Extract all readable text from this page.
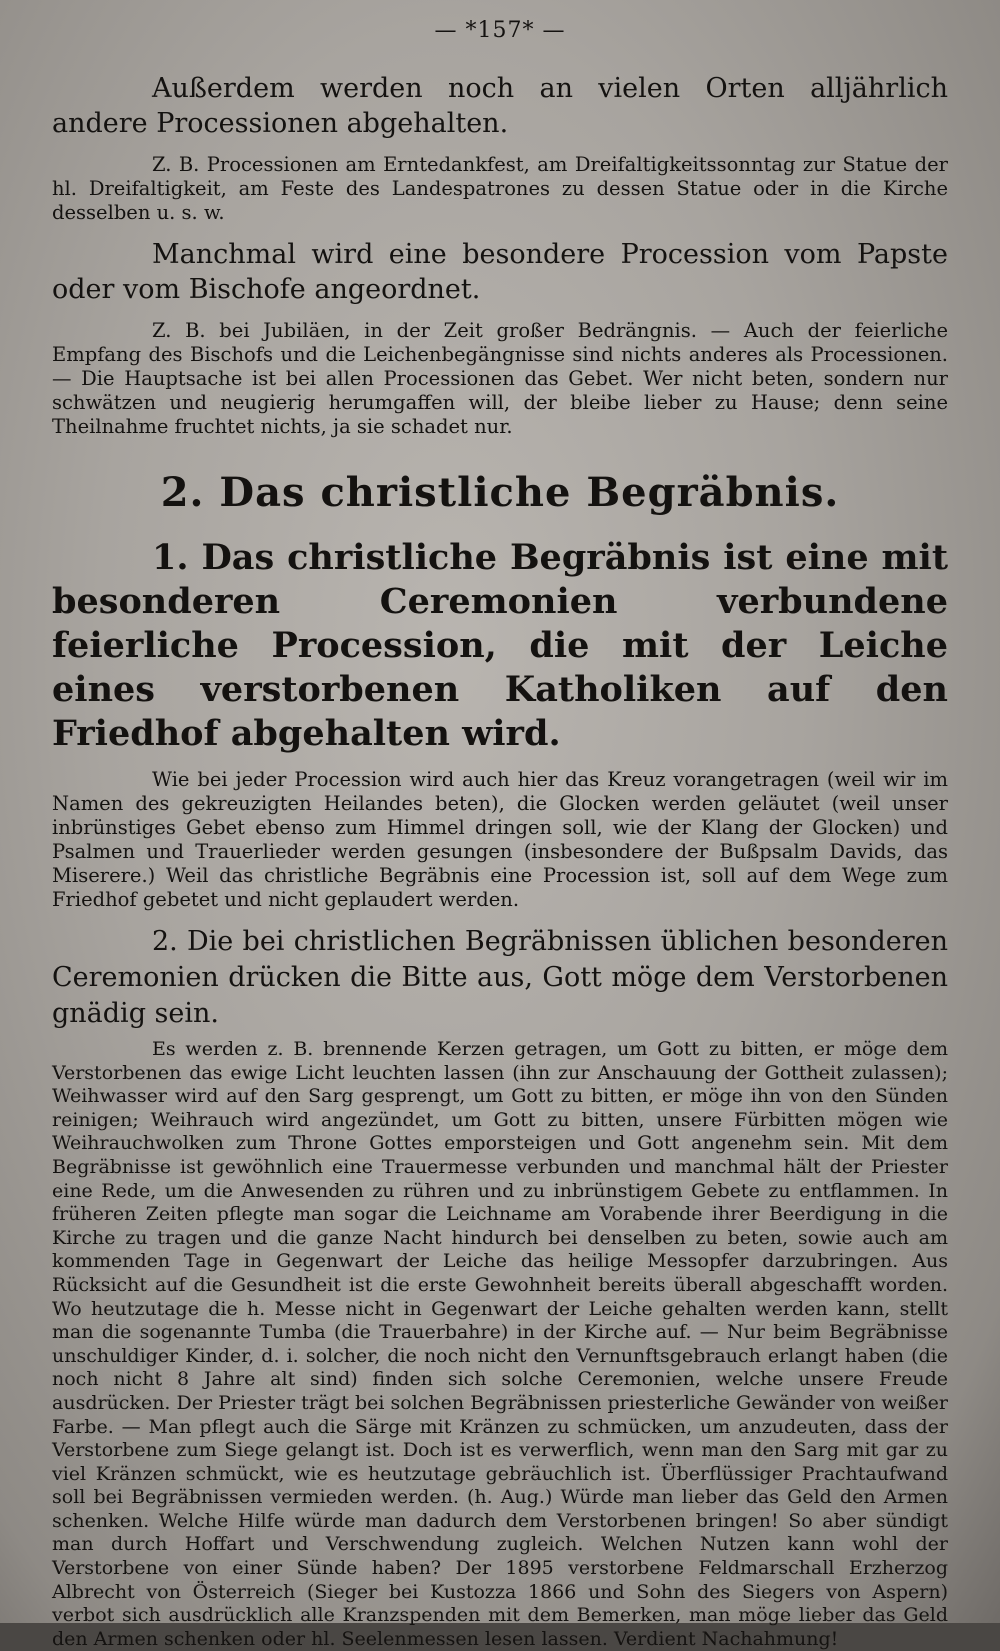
— *157* —

Außerdem werden noch an vielen Orten alljährlich andere Processionen abgehalten.

Z. B. Processionen am Erntedankfest, am Dreifaltigkeitssonntag zur Statue der hl. Dreifaltigkeit, am Feste des Landespatrones zu dessen Statue oder in die Kirche desselben u. s. w.

Manchmal wird eine besondere Procession vom Papste oder vom Bischofe angeordnet.

Z. B. bei Jubiläen, in der Zeit großer Bedrängnis. — Auch der feierliche Empfang des Bischofs und die Leichenbegängnisse sind nichts anderes als Processionen. — Die Hauptsache ist bei allen Processionen das Gebet. Wer nicht beten, sondern nur schwätzen und neugierig herumgaffen will, der bleibe lieber zu Hause; denn seine Theilnahme fruchtet nichts, ja sie schadet nur.

2. Das christliche Begräbnis.

1. Das christliche Begräbnis ist eine mit besonderen Ceremonien verbundene feierliche Procession, die mit der Leiche eines verstorbenen Katholiken auf den Friedhof abgehalten wird.

Wie bei jeder Procession wird auch hier das Kreuz vorangetragen (weil wir im Namen des gekreuzigten Heilandes beten), die Glocken werden geläutet (weil unser inbrünstiges Gebet ebenso zum Himmel dringen soll, wie der Klang der Glocken) und Psalmen und Trauerlieder werden gesungen (insbesondere der Bußpsalm Davids, das Miserere.) Weil das christliche Begräbnis eine Procession ist, soll auf dem Wege zum Friedhof gebetet und nicht geplaudert werden.

2. Die bei christlichen Begräbnissen üblichen besonderen Ceremonien drücken die Bitte aus, Gott möge dem Verstorbenen gnädig sein.

Es werden z. B. brennende Kerzen getragen, um Gott zu bitten, er möge dem Verstorbenen das ewige Licht leuchten lassen (ihn zur Anschauung der Gottheit zulassen); Weihwasser wird auf den Sarg gesprengt, um Gott zu bitten, er möge ihn von den Sünden reinigen; Weihrauch wird angezündet, um Gott zu bitten, unsere Fürbitten mögen wie Weihrauchwolken zum Throne Gottes emporsteigen und Gott angenehm sein. Mit dem Begräbnisse ist gewöhnlich eine Trauermesse verbunden und manchmal hält der Priester eine Rede, um die Anwesenden zu rühren und zu inbrünstigem Gebete zu entflammen. In früheren Zeiten pflegte man sogar die Leichname am Vorabende ihrer Beerdigung in die Kirche zu tragen und die ganze Nacht hindurch bei denselben zu beten, sowie auch am kommenden Tage in Gegenwart der Leiche das heilige Messopfer darzubringen. Aus Rücksicht auf die Gesundheit ist die erste Gewohnheit bereits überall abgeschafft worden. Wo heutzutage die h. Messe nicht in Gegenwart der Leiche gehalten werden kann, stellt man die sogenannte Tumba (die Trauerbahre) in der Kirche auf. — Nur beim Begräbnisse unschuldiger Kinder, d. i. solcher, die noch nicht den Vernunftsgebrauch erlangt haben (die noch nicht 8 Jahre alt sind) finden sich solche Ceremonien, welche unsere Freude ausdrücken. Der Priester trägt bei solchen Begräbnissen priesterliche Gewänder von weißer Farbe. — Man pflegt auch die Särge mit Kränzen zu schmücken, um anzudeuten, dass der Verstorbene zum Siege gelangt ist. Doch ist es verwerflich, wenn man den Sarg mit gar zu viel Kränzen schmückt, wie es heutzutage gebräuchlich ist. Überflüssiger Prachtaufwand soll bei Begräbnissen vermieden werden. (h. Aug.) Würde man lieber das Geld den Armen schenken. Welche Hilfe würde man dadurch dem Verstorbenen bringen! So aber sündigt man durch Hoffart und Verschwendung zugleich. Welchen Nutzen kann wohl der Verstorbene von einer Sünde haben? Der 1895 verstorbene Feldmarschall Erzherzog Albrecht von Österreich (Sieger bei Kustozza 1866 und Sohn des Siegers von Aspern) verbot sich ausdrücklich alle Kranzspenden mit dem Bemerken, man möge lieber das Geld den Armen schenken oder hl. Seelenmessen lesen lassen. Verdient Nachahmung!
